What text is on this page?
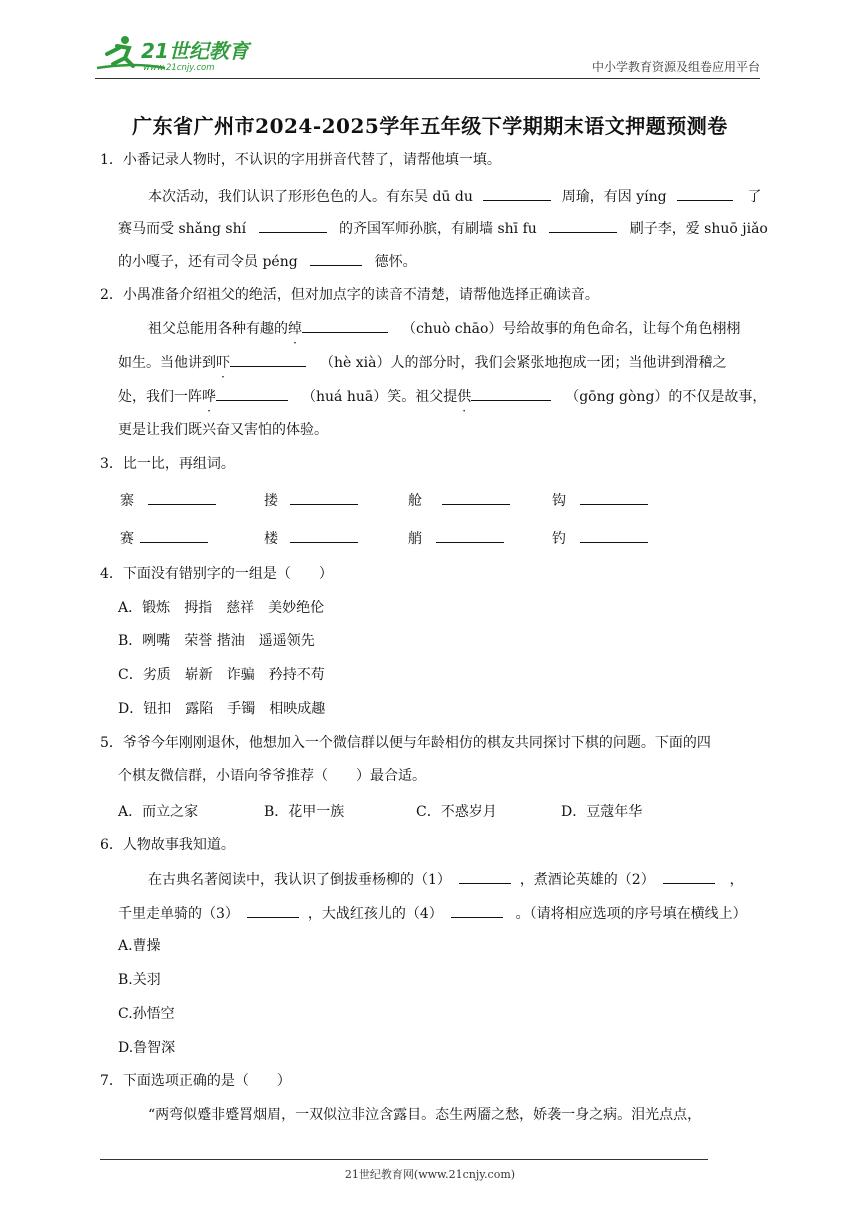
21世纪教育
www.21cnjy.com	中小学教育资源及组卷应用平台
广东省广州市2024-2025学年五年级下学期期末语文押题预测卷
1．小番记录人物时，不认识的字用拼音代替了，请帮他填一填。
本次活动，我们认识了形形色色的人。有东吴 dū du	周瑜，有因 yíng	了
赛马而受 shǎng shí	的齐国军师孙膑，有刷墙 shī fu	刷子李，爱 shuō jiǎo
的小嘎子，还有司令员 péng	德怀。
2．小禺准备介绍祖父的绝活，但对加点字的读音不清楚，请帮他选择正确读音。
祖父总能用各种有趣的绰	（chuò chāo）号给故事的角色命名，让每个角色栩栩
如生。当他讲到吓	（hè xià）人的部分时，我们会紧张地抱成一团；当他讲到滑稽之
处，我们一阵哗	（huá huā）笑。祖父提供	（gōng gòng）的不仅是故事，
更是让我们既兴奋又害怕的体验。
3．比一比，再组词。
寨	搂	舱	钩
赛	楼	艄	钓
4．下面没有错别字的一组是（　　）
A．锻炼　拇指　慈祥　美妙绝伦
B．咧嘴　荣誉 揩油　遥遥领先
C．劣质　崭新　诈骗　矜持不苟
D．钮扣　露陷　手镯　相映成趣
5．爷爷今年刚刚退休，他想加入一个微信群以便与年龄相仿的棋友共同探讨下棋的问题。下面的四
个棋友微信群，小语向爷爷推荐（　　）最合适。
A．而立之家	B．花甲一族	C．不惑岁月	D．豆蔻年华
6．人物故事我知道。
在古典名著阅读中，我认识了倒拔垂杨柳的（1）	，煮酒论英雄的（2）	，
千里走单骑的（3）	，大战红孩儿的（4）	。（请将相应选项的序号填在横线上）
A.曹操
B.关羽
C.孙悟空
D.鲁智深
7．下面选项正确的是（　　）
“两弯似蹙非蹙罥烟眉，一双似泣非泣含露目。态生两靥之愁，娇袭一身之病。泪光点点，
21世纪教育网(www.21cnjy.com)
